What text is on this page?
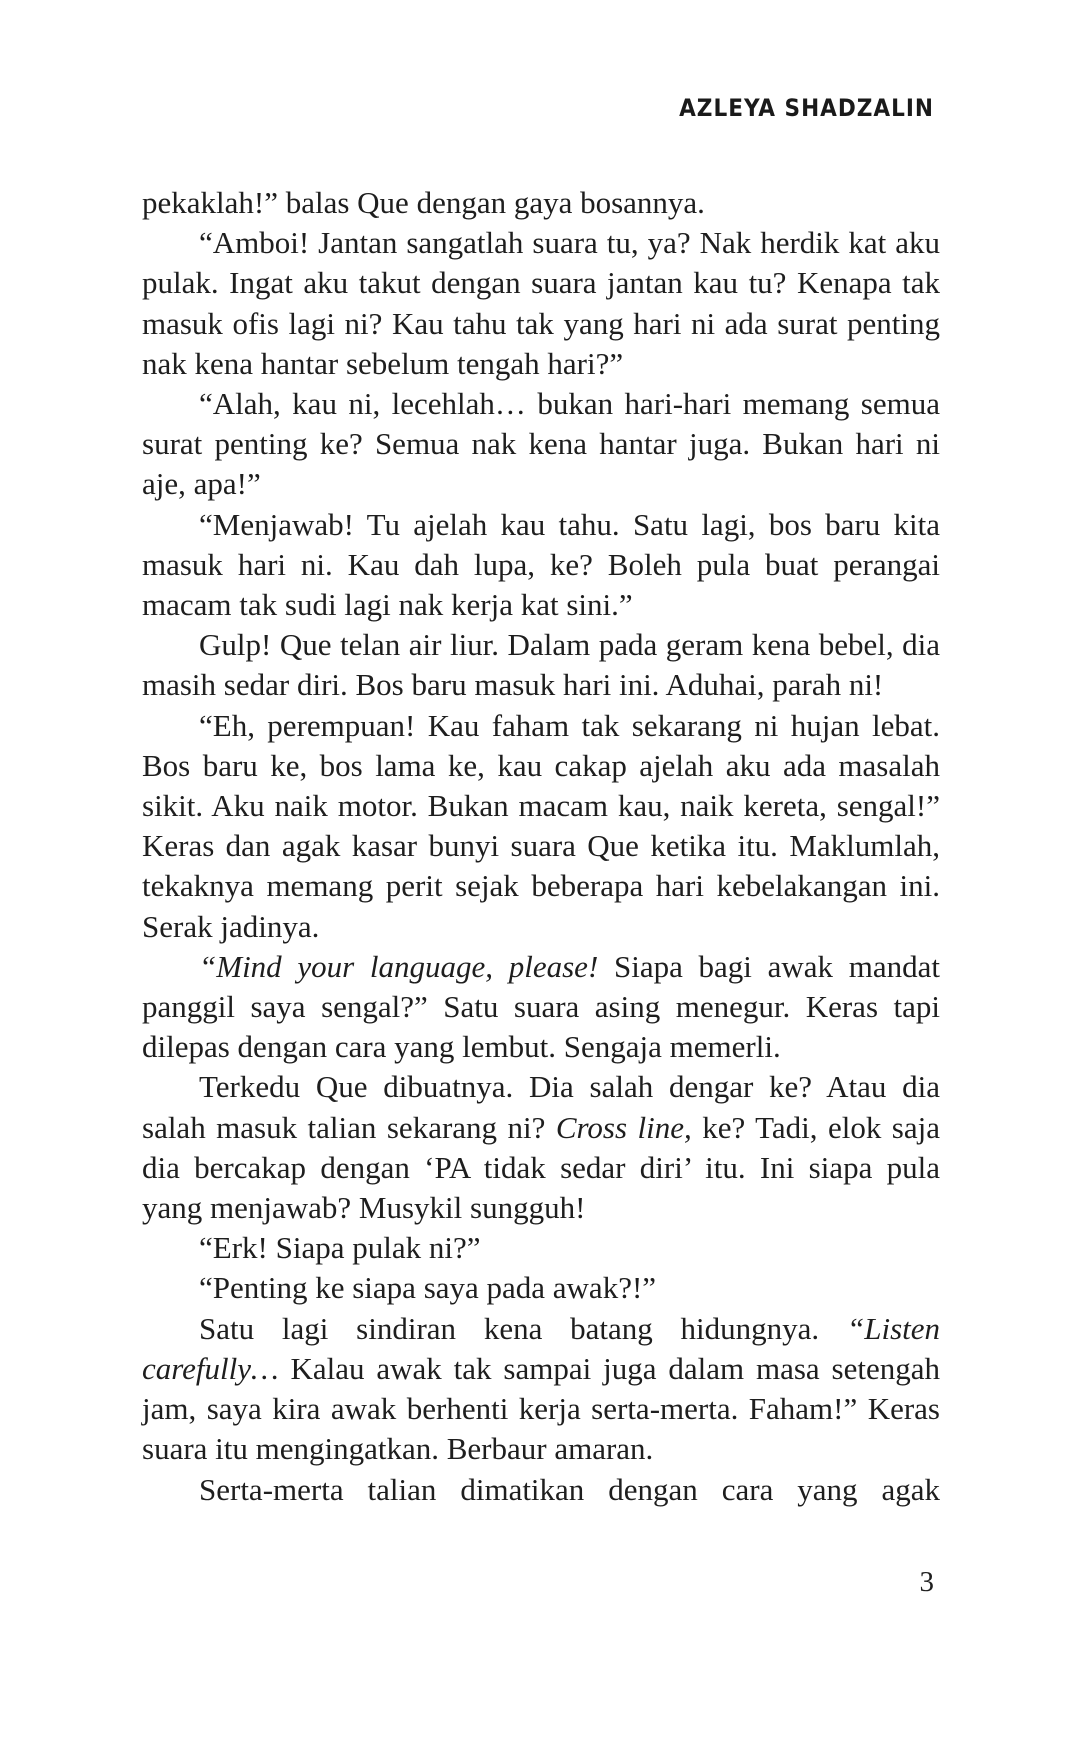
AZLEYA SHADZALIN

pekaklah!” balas Que dengan gaya bosannya.

“Amboi! Jantan sangatlah suara tu, ya? Nak herdik kat aku pulak. Ingat aku takut dengan suara jantan kau tu? Kenapa tak masuk ofis lagi ni? Kau tahu tak yang hari ni ada surat penting nak kena hantar sebelum tengah hari?”

“Alah, kau ni, lecehlah… bukan hari-hari memang semua surat penting ke? Semua nak kena hantar juga. Bukan hari ni aje, apa!”

“Menjawab! Tu ajelah kau tahu. Satu lagi, bos baru kita masuk hari ni. Kau dah lupa, ke? Boleh pula buat perangai macam tak sudi lagi nak kerja kat sini.”

Gulp! Que telan air liur. Dalam pada geram kena bebel, dia masih sedar diri. Bos baru masuk hari ini. Aduhai, parah ni!

“Eh, perempuan! Kau faham tak sekarang ni hujan lebat. Bos baru ke, bos lama ke, kau cakap ajelah aku ada masalah sikit. Aku naik motor. Bukan macam kau, naik kereta, sengal!” Keras dan agak kasar bunyi suara Que ketika itu. Maklumlah, tekaknya memang perit sejak beberapa hari kebelakangan ini. Serak jadinya.

“Mind your language, please! Siapa bagi awak mandat panggil saya sengal?” Satu suara asing menegur. Keras tapi dilepas dengan cara yang lembut. Sengaja memerli.

Terkedu Que dibuatnya. Dia salah dengar ke? Atau dia salah masuk talian sekarang ni? Cross line, ke? Tadi, elok saja dia bercakap dengan ‘PA tidak sedar diri’ itu. Ini siapa pula yang menjawab? Musykil sungguh!

“Erk! Siapa pulak ni?”

“Penting ke siapa saya pada awak?!”

Satu lagi sindiran kena batang hidungnya. “Listen carefully… Kalau awak tak sampai juga dalam masa setengah jam, saya kira awak berhenti kerja serta-merta. Faham!” Keras suara itu mengingatkan. Berbaur amaran.

Serta-merta talian dimatikan dengan cara yang agak

3
